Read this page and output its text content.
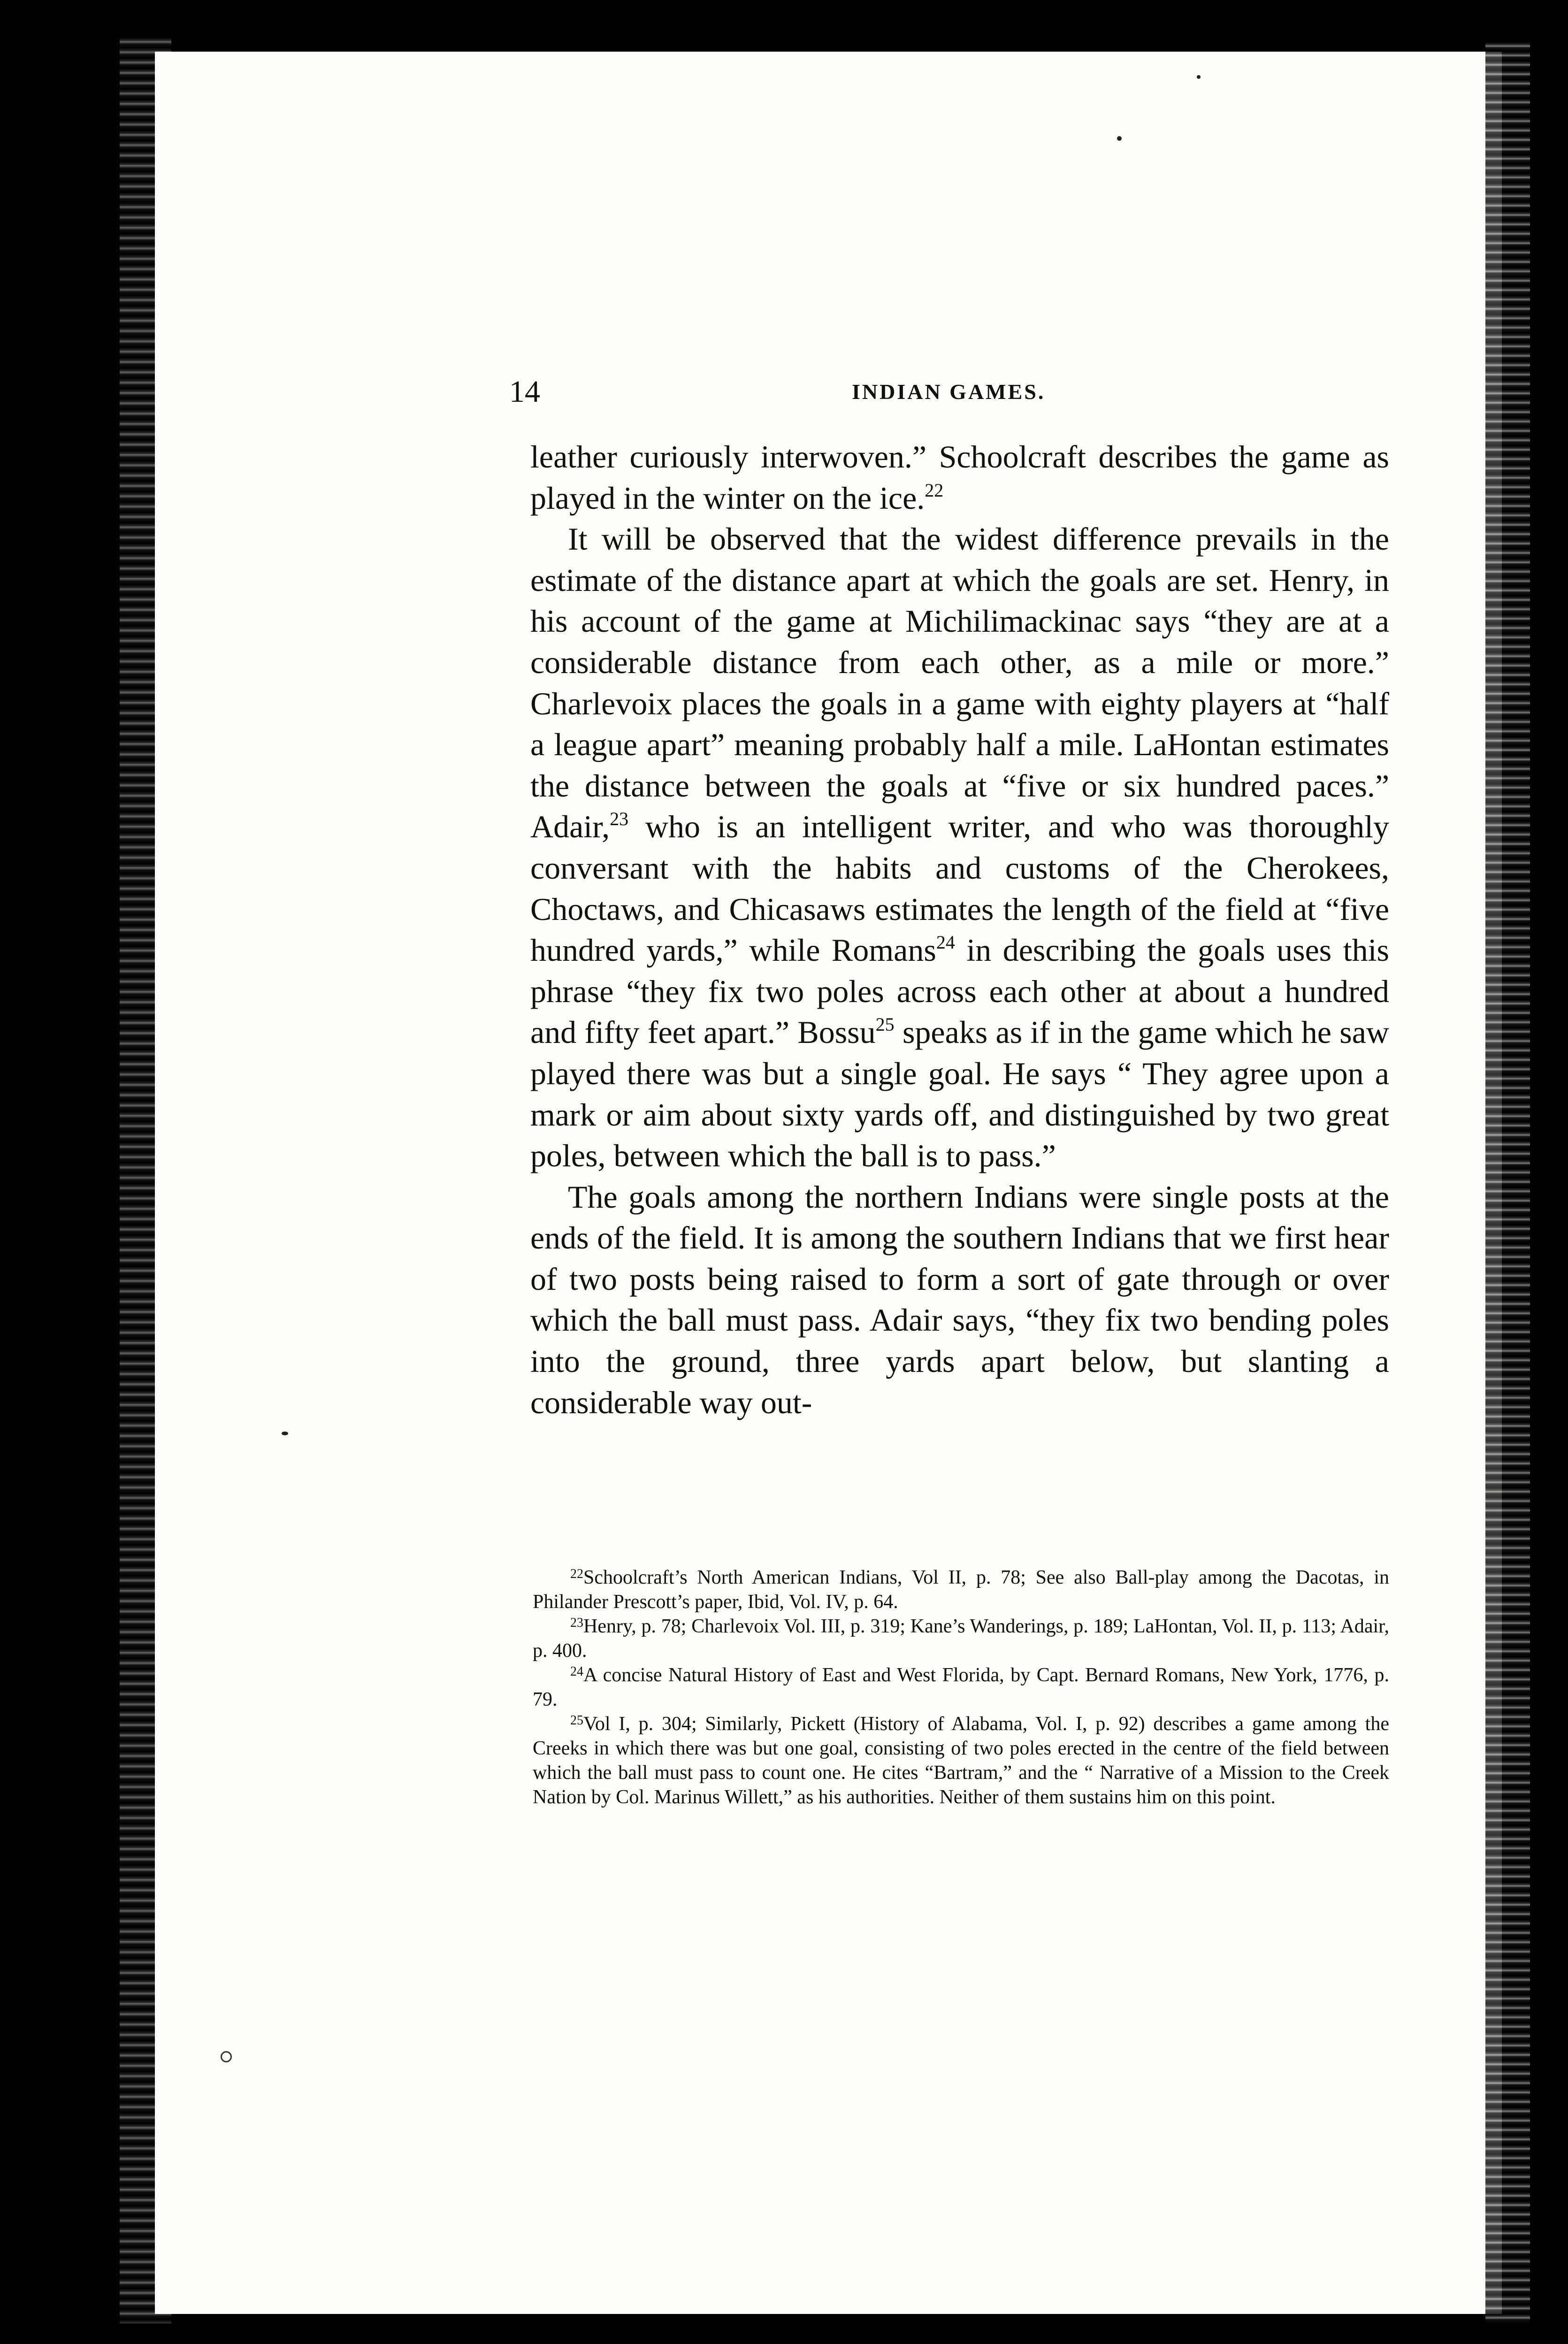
14	INDIAN GAMES.

leather curiously interwoven.” Schoolcraft describes the game as played in the winter on the ice.$^{22}$

It will be observed that the widest difference prevails in the estimate of the distance apart at which the goals are set. Henry, in his account of the game at Michilimackinac says “they are at a considerable distance from each other, as a mile or more.” Charlevoix places the goals in a game with eighty players at “half a league apart” meaning probably half a mile. LaHontan estimates the distance between the goals at “five or six hundred paces.” Adair,$^{23}$ who is an intelligent writer, and who was thoroughly conversant with the habits and customs of the Cherokees, Choctaws, and Chicasaws estimates the length of the field at “five hundred yards,” while Romans$^{24}$ in describing the goals uses this phrase “they fix two poles across each other at about a hundred and fifty feet apart.” Bossu$^{25}$ speaks as if in the game which he saw played there was but a single goal. He says “ They agree upon a mark or aim about sixty yards off, and distinguished by two great poles, between which the ball is to pass.”

The goals among the northern Indians were single posts at the ends of the field. It is among the southern Indians that we first hear of two posts being raised to form a sort of gate through or over which the ball must pass. Adair says, “they fix two bending poles into the ground, three yards apart below, but slanting a considerable way out-

$^{22}$Schoolcraft’s North American Indians, Vol II, p. 78; See also Ball-play among the Dacotas, in Philander Prescott’s paper, Ibid, Vol. IV, p. 64.

$^{23}$Henry, p. 78; Charlevoix Vol. III, p. 319; Kane’s Wanderings, p. 189; LaHontan, Vol. II, p. 113; Adair, p. 400.

$^{24}$A concise Natural History of East and West Florida, by Capt. Bernard Romans, New York, 1776, p. 79.

$^{25}$Vol I, p. 304; Similarly, Pickett (History of Alabama, Vol. I, p. 92) describes a game among the Creeks in which there was but one goal, consisting of two poles erected in the centre of the field between which the ball must pass to count one. He cites “Bartram,” and the “ Narrative of a Mission to the Creek Nation by Col. Marinus Willett,” as his authorities. Neither of them sustains him on this point.
